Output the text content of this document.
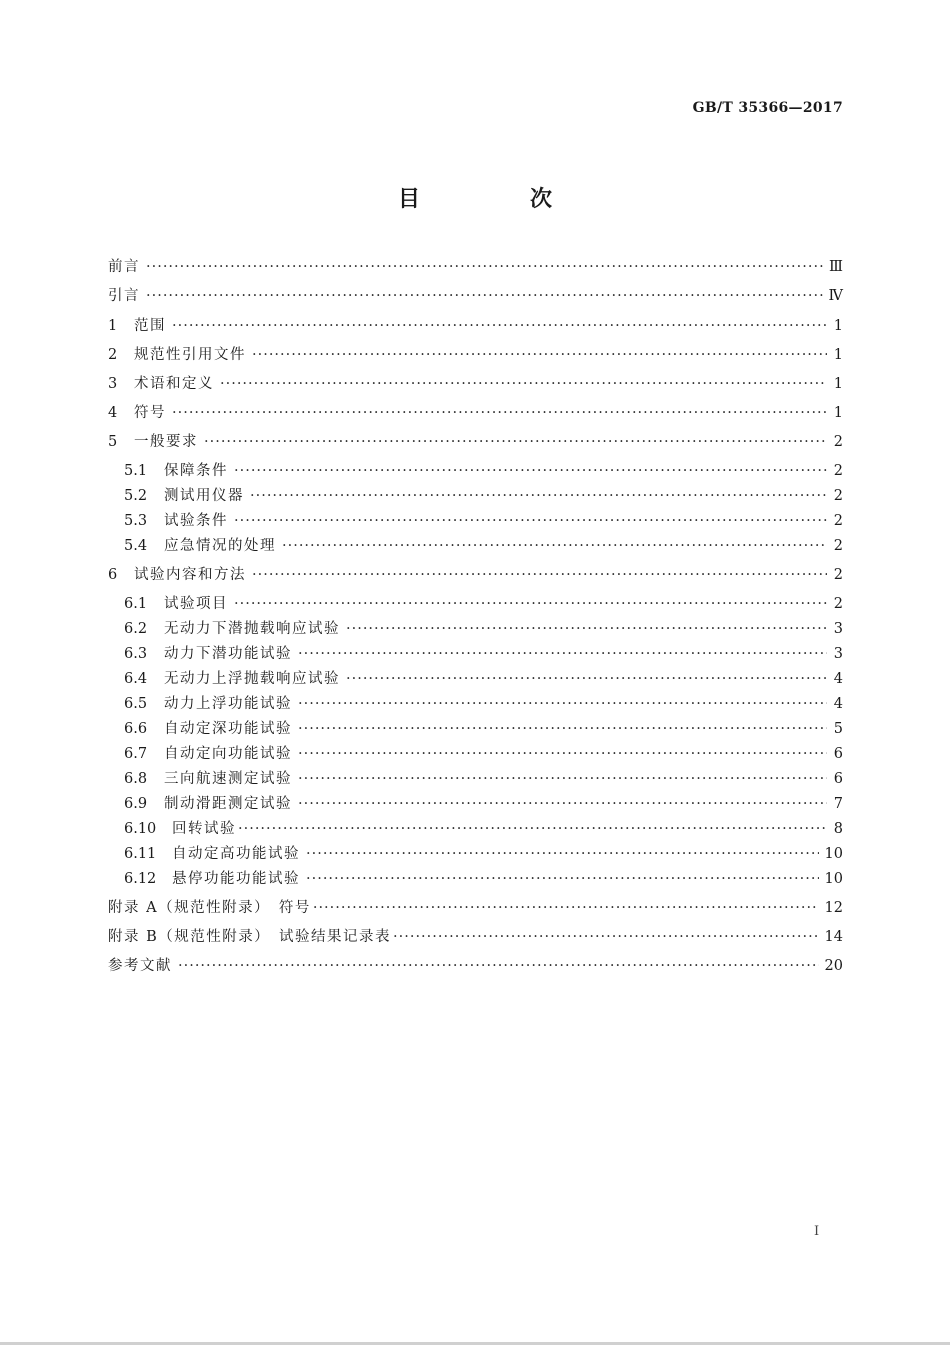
GB/T 35366—2017
目　次
前言 ·····	Ⅲ
引言 ·····	Ⅳ
1	范围 ·····	1
2	规范性引用文件 ·····	1
3	术语和定义 ·····	1
4	符号 ·····	1
5	一般要求 ·····	2
5.1	保障条件 ·····	2
5.2	测试用仪器 ·····	2
5.3	试验条件 ·····	2
5.4	应急情况的处理 ·····	2
6	试验内容和方法 ·····	2
6.1	试验项目 ·····	2
6.2	无动力下潜抛载响应试验 ·····	3
6.3	动力下潜功能试验 ·····	3
6.4	无动力上浮抛载响应试验 ·····	4
6.5	动力上浮功能试验 ·····	4
6.6	自动定深功能试验 ·····	5
6.7	自动定向功能试验 ·····	6
6.8	三向航速测定试验 ·····	6
6.9	制动滑距测定试验 ·····	7
6.10	回转试验 ·····	8
6.11	自动定高功能试验 ·····	10
6.12	悬停功能功能试验 ·····	10
附录 A（规范性附录）　符号 ·····	12
附录 B（规范性附录）　试验结果记录表 ·····	14
参考文献 ·····	20
Ⅰ
